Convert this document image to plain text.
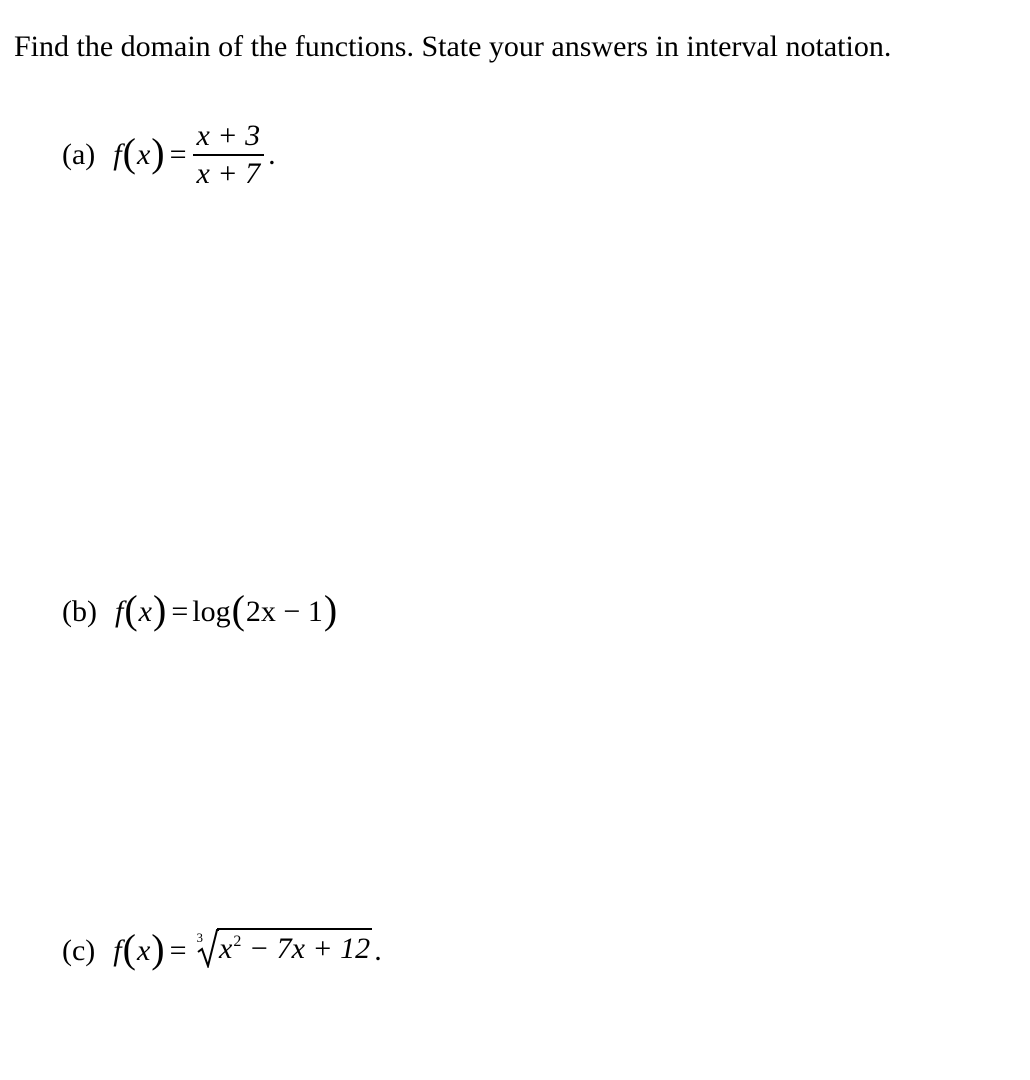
Find the domain of the functions. State your answers in interval notation.
(a) f ( x ) = $\frac{x + 3}{x + 7}$ .
(b) f ( x ) = log ( 2x − 1 )
(c) f ( x ) = 3 $x^2 - 7x + 12$ .
